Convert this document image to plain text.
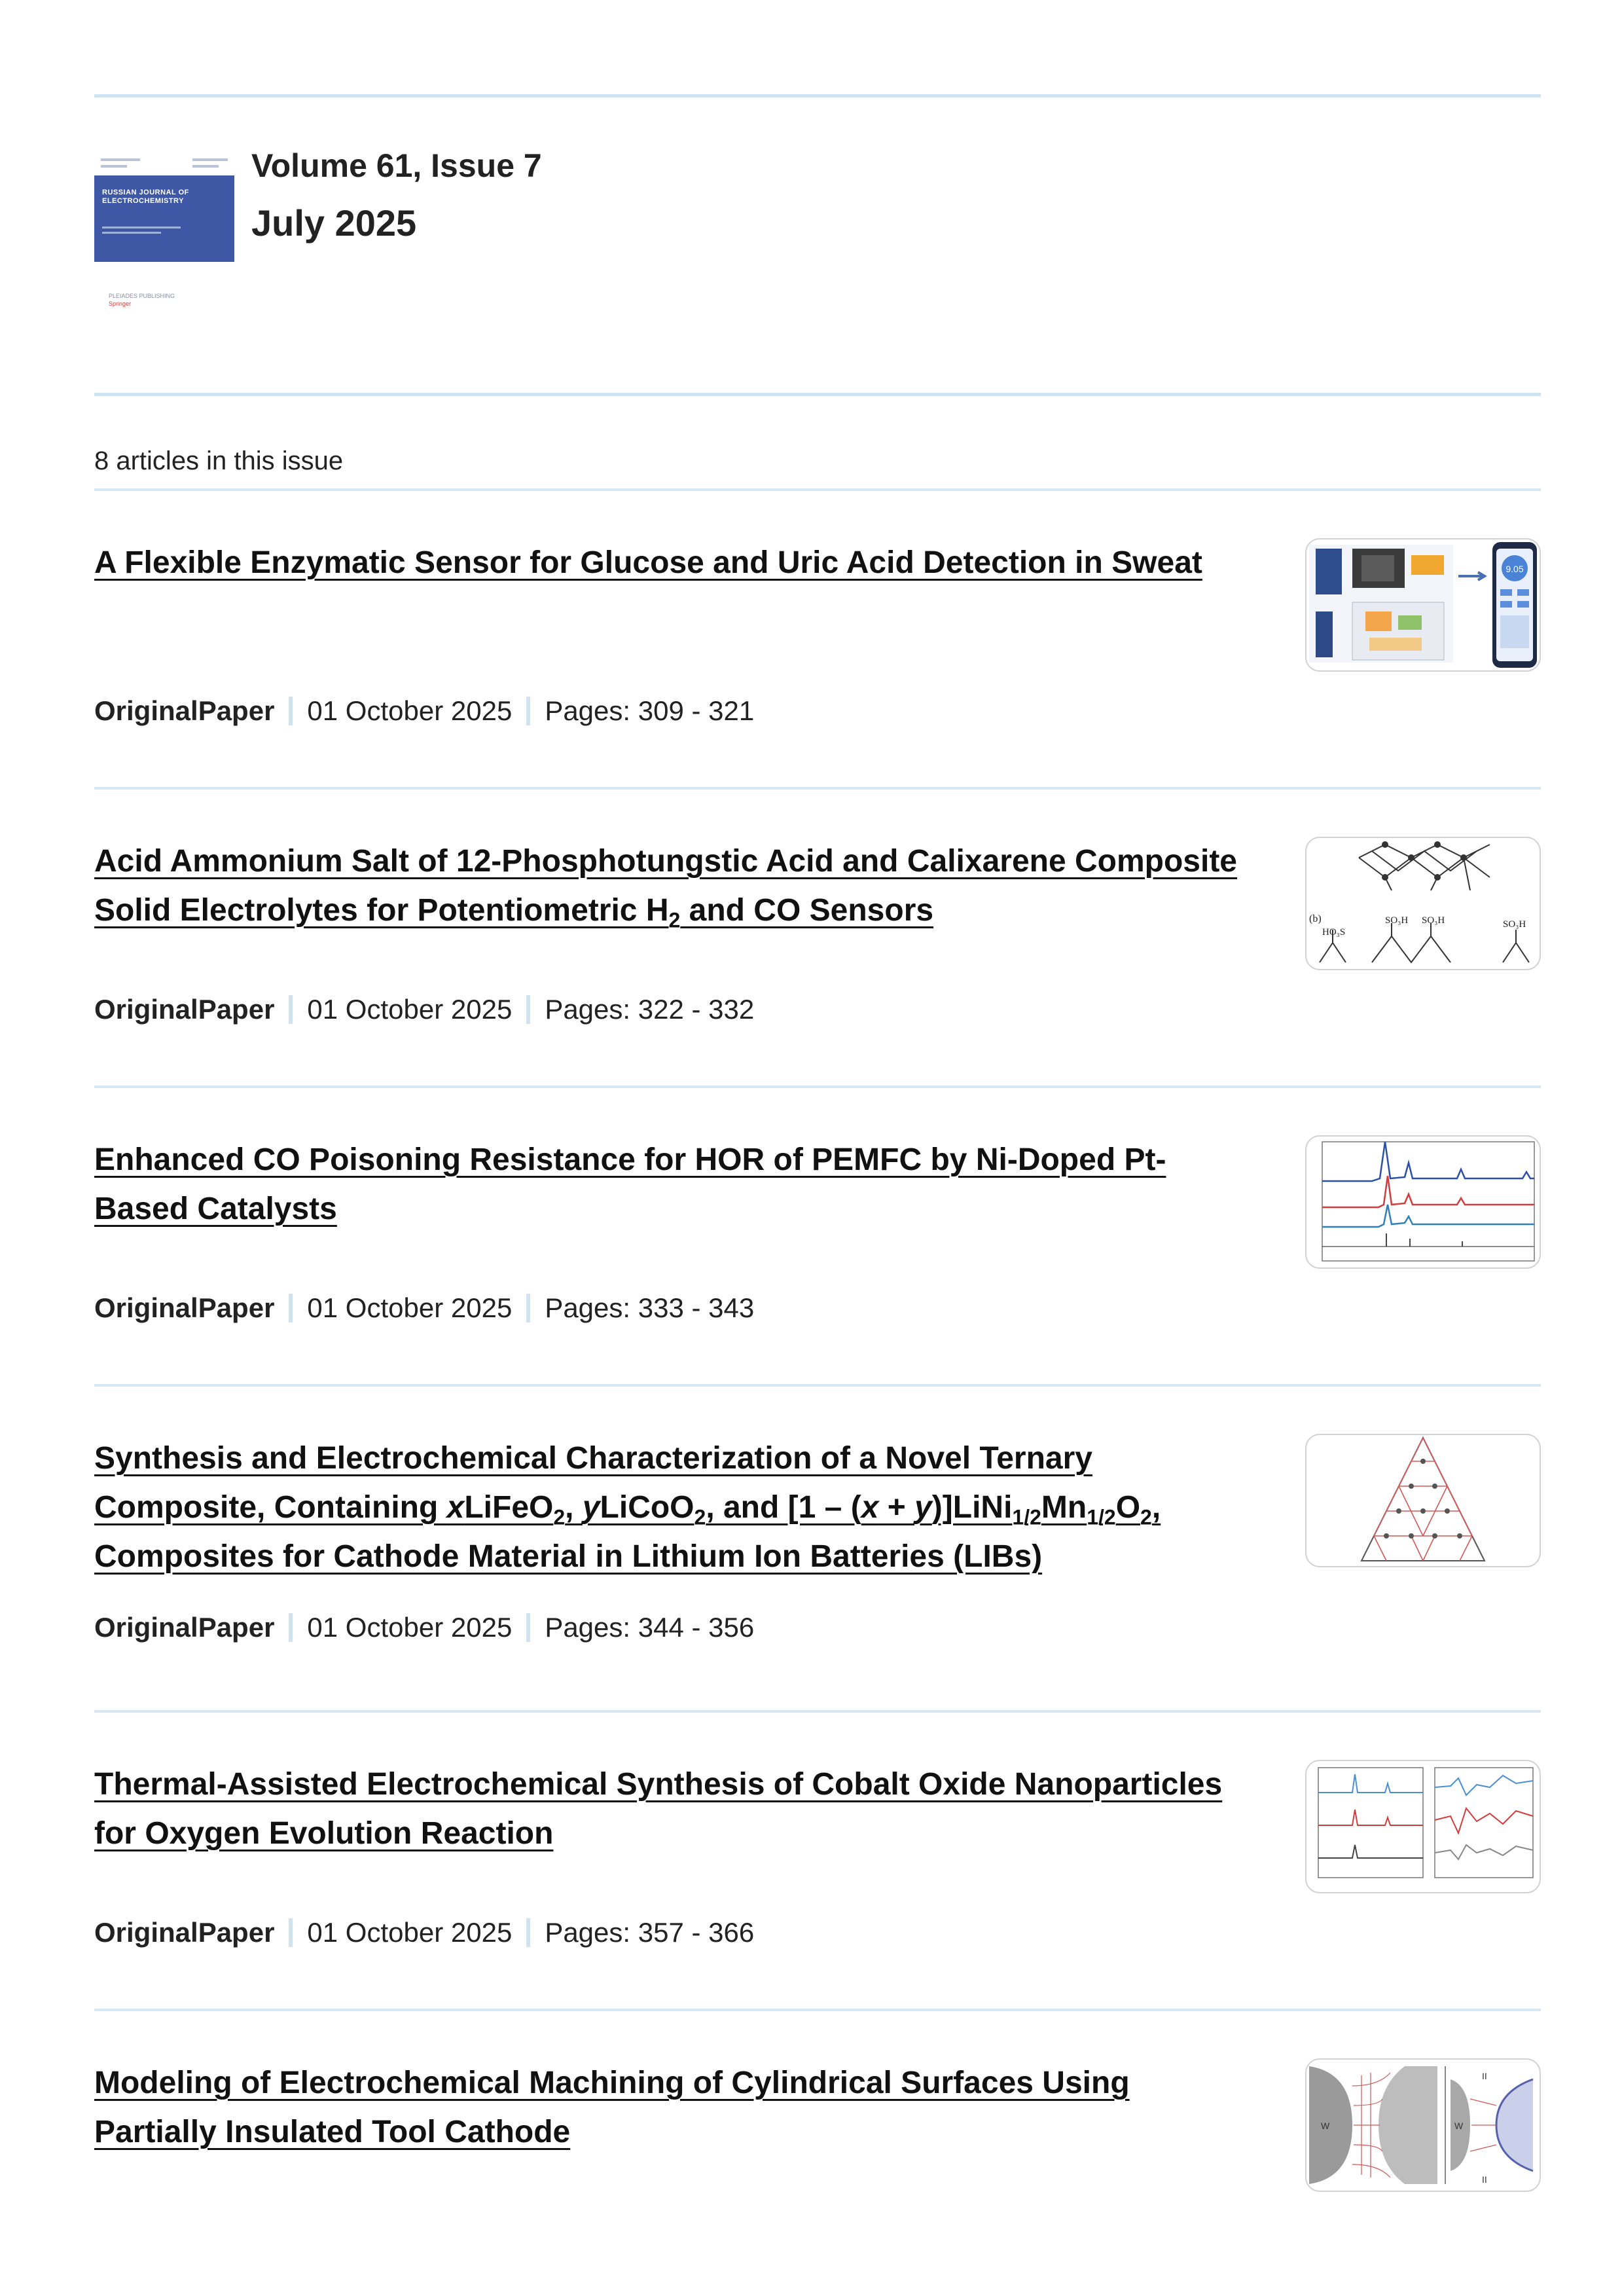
RUSSIAN JOURNAL OF ELECTROCHEMISTRY
PLEIADES PUBLISHING
Springer
Volume 61, Issue 7
July 2025
8 articles in this issue
A Flexible Enzymatic Sensor for Glucose and Uric Acid Detection in Sweat
OriginalPaper 01 October 2025 Pages: 309 - 321
9.05
Acid Ammonium Salt of 12-Phosphotungstic Acid and Calixarene Composite Solid Electrolytes for Potentiometric $H_2$ and CO Sensors
OriginalPaper 01 October 2025 Pages: 322 - 332
(b)
HO₃S
SO₃H SO₃H	SO₃H
Enhanced CO Poisoning Resistance for HOR of PEMFC by Ni-Doped Pt-Based Catalysts
OriginalPaper 01 October 2025 Pages: 333 - 343
Synthesis and Electrochemical Characterization of a Novel Ternary Composite, Containing xLiFeO$_2$, yLiCoO$_2$, and $[1 - (x + y)]LiNi_{1/2}Mn_{1/2}O_2$, Composites for Cathode Material in Lithium Ion Batteries (LIBs)
OriginalPaper 01 October 2025 Pages: 344 - 356
Thermal-Assisted Electrochemical Synthesis of Cobalt Oxide Nanoparticles for Oxygen Evolution Reaction
OriginalPaper 01 October 2025 Pages: 357 - 366
Modeling of Electrochemical Machining of Cylindrical Surfaces Using Partially Insulated Tool Cathode	W	W
II
II
